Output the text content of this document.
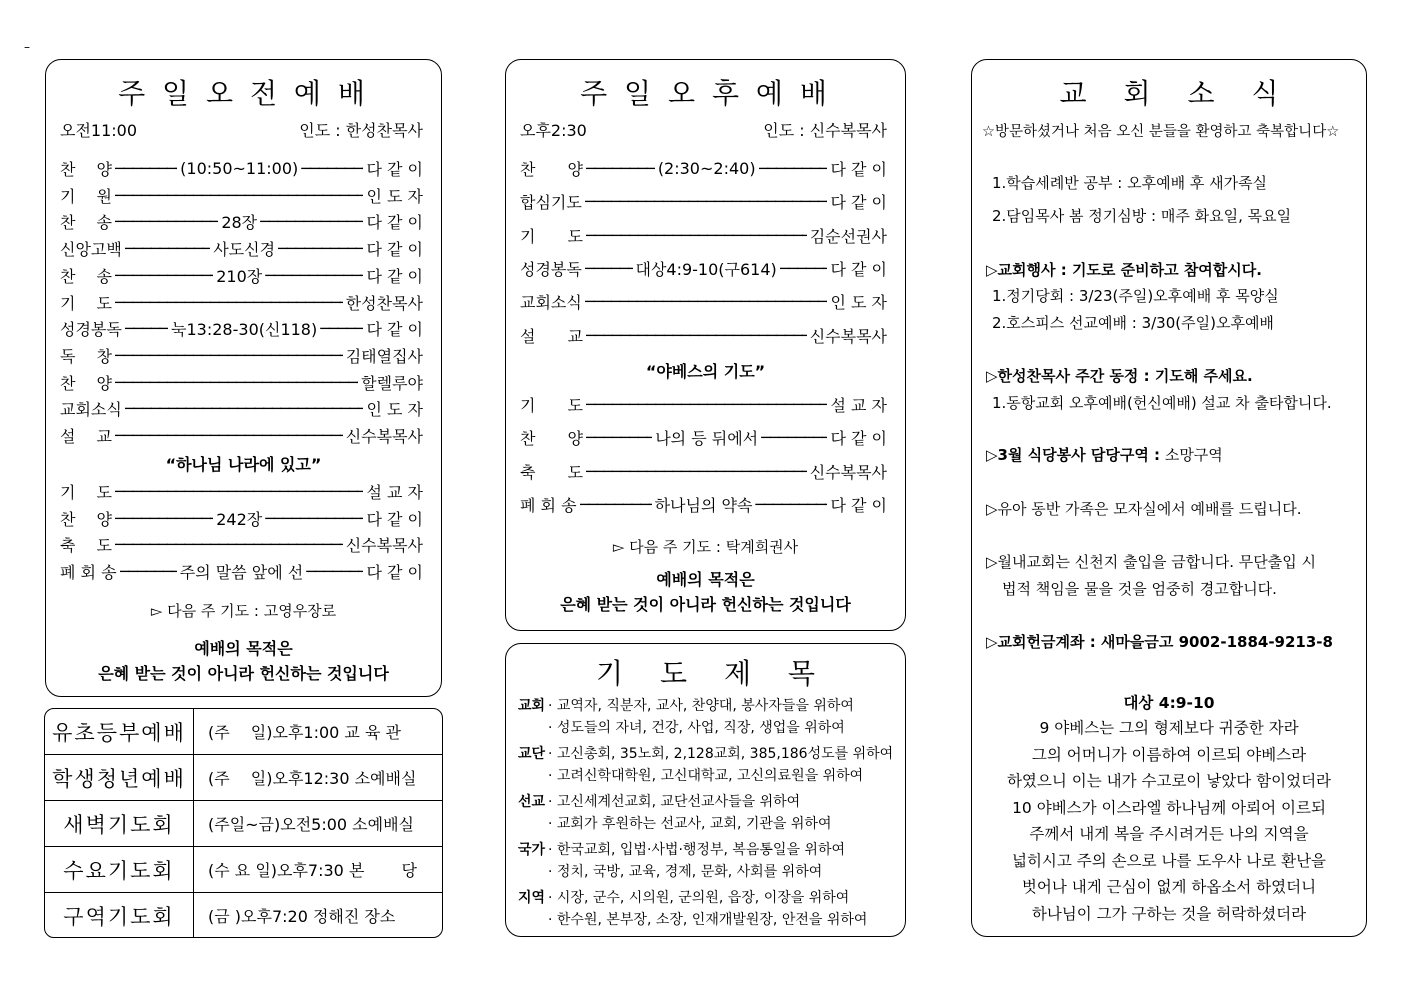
–
주 일 오 전 예 배
오전11:00	인도 : 한성찬목사
찬　 양 ──────────────────────────────────────────────────────────────────	(10:50~11:00) ──────────────────────────────────────────────────────────────────	다 같 이
기　 원 ──────────────────────────────────────────────────────────────────	인 도 자
찬　 송 ──────────────────────────────────────────────────────────────────	28장 ──────────────────────────────────────────────────────────────────	다 같 이
신앙고백 ──────────────────────────────────────────────────────────────────	사도신경 ──────────────────────────────────────────────────────────────────	다 같 이
찬　 송 ──────────────────────────────────────────────────────────────────	210장 ──────────────────────────────────────────────────────────────────	다 같 이
기　 도 ──────────────────────────────────────────────────────────────────	한성찬목사
성경봉독 ──────────────────────────────────────────────────────────────────	눅13:28-30(신118) ──────────────────────────────────────────────────────────────────	다 같 이
독　 창 ──────────────────────────────────────────────────────────────────	김태열집사
찬　 양 ──────────────────────────────────────────────────────────────────	할렐루야
교회소식 ──────────────────────────────────────────────────────────────────	인 도 자
설　 교 ──────────────────────────────────────────────────────────────────	신수복목사
“하나님 나라에 있고”
기　 도 ──────────────────────────────────────────────────────────────────	설 교 자
찬　 양 ──────────────────────────────────────────────────────────────────	242장 ──────────────────────────────────────────────────────────────────	다 같 이
축　 도 ──────────────────────────────────────────────────────────────────	신수복목사
폐 회 송 ──────────────────────────────────────────────────────────────────	주의 말씀 앞에 선 ──────────────────────────────────────────────────────────────────	다 같 이
▻ 다음 주 기도 : 고영우장로
예배의 목적은
은혜 받는 것이 아니라 헌신하는 것입니다
유초등부예배	(주　 일)오후1:00 교 육 관
학생청년예배	(주　 일)오후12:30 소예배실
새벽기도회	(주일~금)오전5:00 소예배실
수요기도회	(수 요 일)오후7:30 본　　 당
구역기도회	(금 )오후7:20 정해진 장소
주 일 오 후 예 배
오후2:30	인도 : 신수복목사
찬　　양 ──────────────────────────────────────────────────────────────────	(2:30~2:40) ──────────────────────────────────────────────────────────────────	다 같 이
합심기도 ──────────────────────────────────────────────────────────────────	다 같 이
기　　도 ──────────────────────────────────────────────────────────────────	김순선권사
성경봉독 ──────────────────────────────────────────────────────────────────	대상4:9-10(구614) ──────────────────────────────────────────────────────────────────	다 같 이
교회소식 ──────────────────────────────────────────────────────────────────	인 도 자
설　　교 ──────────────────────────────────────────────────────────────────	신수복목사
“야베스의 기도”
기　　도 ──────────────────────────────────────────────────────────────────	설 교 자
찬　　양 ──────────────────────────────────────────────────────────────────	나의 등 뒤에서 ──────────────────────────────────────────────────────────────────	다 같 이
축　　도 ──────────────────────────────────────────────────────────────────	신수복목사
폐 회 송 ──────────────────────────────────────────────────────────────────	하나님의 약속 ──────────────────────────────────────────────────────────────────	다 같 이
▻ 다음 주 기도 : 탁계희권사
예배의 목적은
은혜 받는 것이 아니라 헌신하는 것입니다
기　 도　 제　 목
교회 · 교역자, 직분자, 교사, 찬양대, 봉사자들을 위하여
· 성도들의 자녀, 건강, 사업, 직장, 생업을 위하여
교단 · 고신총회, 35노회, 2,128교회, 385,186성도를 위하여
· 고려신학대학원, 고신대학교, 고신의료원을 위하여
선교 · 고신세계선교회, 교단선교사들을 위하여
· 교회가 후원하는 선교사, 교회, 기관을 위하여
국가 · 한국교회, 입법·사법·행정부, 복음통일을 위하여
· 정치, 국방, 교육, 경제, 문화, 사회를 위하여
지역 · 시장, 군수, 시의원, 군의원, 읍장, 이장을 위하여
· 한수원, 본부장, 소장, 인재개발원장, 안전을 위하여
교　 회　 소　 식
☆방문하셨거나 처음 오신 분들을 환영하고 축복합니다☆
1.학습세례반 공부 : 오후예배 후 새가족실
2.담임목사 봄 정기심방 : 매주 화요일, 목요일
▷교회행사 : 기도로 준비하고 참여합시다.
1.정기당회 : 3/23(주일)오후예배 후 목양실
2.호스피스 선교예배 : 3/30(주일)오후예배
▷한성찬목사 주간 동정 : 기도해 주세요.
1.동항교회 오후예배(헌신예배) 설교 차 출타합니다.
▷3월 식당봉사 담당구역 : 소망구역
▷유아 동반 가족은 모자실에서 예배를 드립니다.
▷월내교회는 신천지 출입을 금합니다. 무단출입 시
법적 책임을 물을 것을 엄중히 경고합니다.
▷교회헌금계좌 : 새마을금고 9002-1884-9213-8
대상 4:9-10
9 야베스는 그의 형제보다 귀중한 자라
그의 어머니가 이름하여 이르되 야베스라
하였으니 이는 내가 수고로이 낳았다 함이었더라
10 야베스가 이스라엘 하나님께 아뢰어 이르되
주께서 내게 복을 주시려거든 나의 지역을
넓히시고 주의 손으로 나를 도우사 나로 환난을
벗어나 내게 근심이 없게 하옵소서 하였더니
하나님이 그가 구하는 것을 허락하셨더라
